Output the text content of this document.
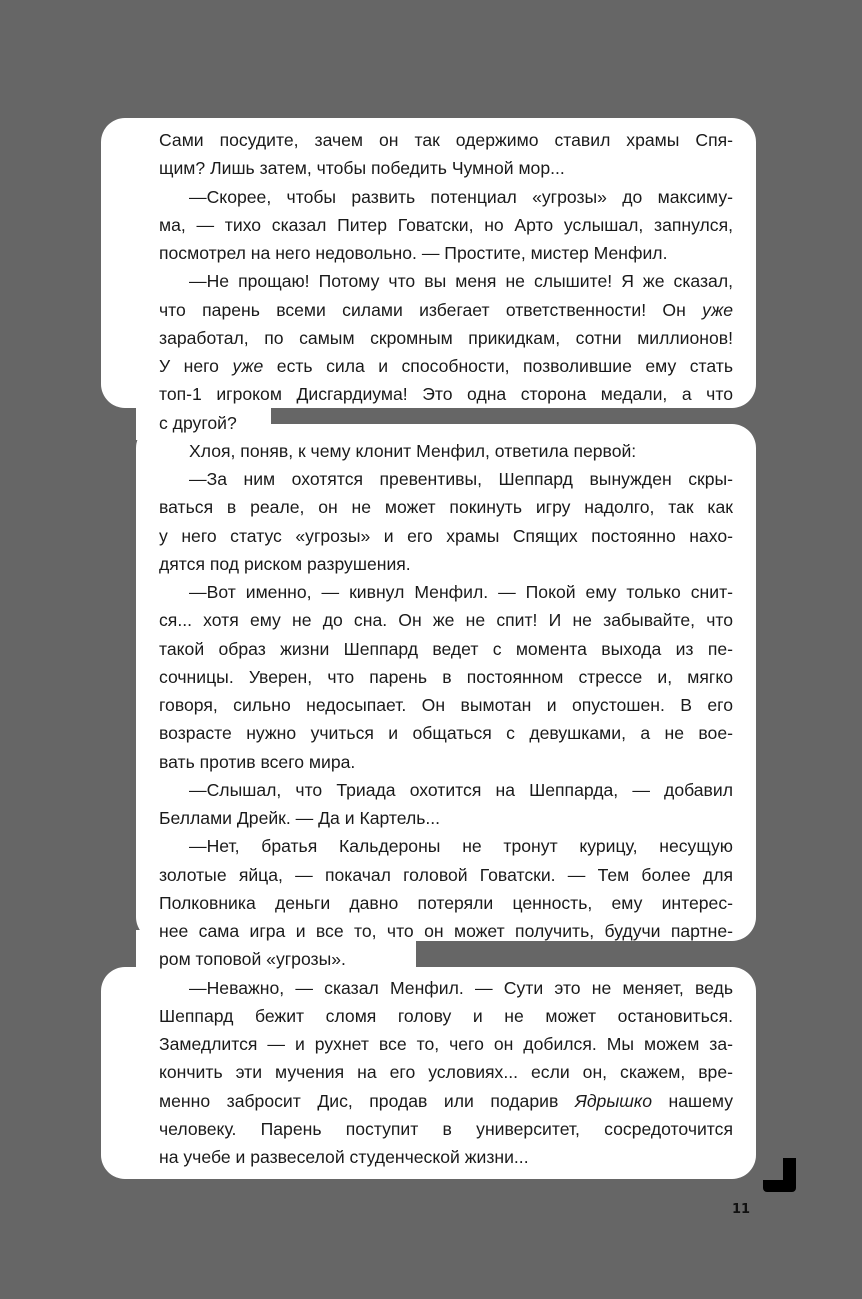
Сами посудите, зачем он так одержимо ставил храмы Спя-
щим? Лишь затем, чтобы победить Чумной мор...
—Скорее, чтобы развить потенциал «угрозы» до максиму-
ма, — тихо сказал Питер Говатски, но Арто услышал, запнулся,
посмотрел на него недовольно. — Простите, мистер Менфил.
—Не прощаю! Потому что вы меня не слышите! Я же сказал,
что парень всеми силами избегает ответственности! Он уже
заработал, по самым скромным прикидкам, сотни миллионов!
У него уже есть сила и способности, позволившие ему стать
топ-1 игроком Дисгардиума! Это одна сторона медали, а что
с другой?
Хлоя, поняв, к чему клонит Менфил, ответила первой:
—За ним охотятся превентивы, Шеппард вынужден скры-
ваться в реале, он не может покинуть игру надолго, так как
у него статус «угрозы» и его храмы Спящих постоянно нахо-
дятся под риском разрушения.
—Вот именно, — кивнул Менфил. — Покой ему только снит-
ся... хотя ему не до сна. Он же не спит! И не забывайте, что
такой образ жизни Шеппард ведет с момента выхода из пе-
сочницы. Уверен, что парень в постоянном стрессе и, мягко
говоря, сильно недосыпает. Он вымотан и опустошен. В его
возрасте нужно учиться и общаться с девушками, а не вое-
вать против всего мира.
—Слышал, что Триада охотится на Шеппарда, — добавил
Беллами Дрейк. — Да и Картель...
—Нет, братья Кальдероны не тронут курицу, несущую
золотые яйца, — покачал головой Говатски. — Тем более для
Полковника деньги давно потеряли ценность, ему интерес-
нее сама игра и все то, что он может получить, будучи партне-
ром топовой «угрозы».
—Неважно, — сказал Менфил. — Сути это не меняет, ведь
Шеппард бежит сломя голову и не может остановиться.
Замедлится — и рухнет все то, чего он добился. Мы можем за-
кончить эти мучения на его условиях... если он, скажем, вре-
менно забросит Дис, продав или подарив Ядрышко нашему
человеку. Парень поступит в университет, сосредоточится
на учебе и развеселой студенческой жизни...
11
